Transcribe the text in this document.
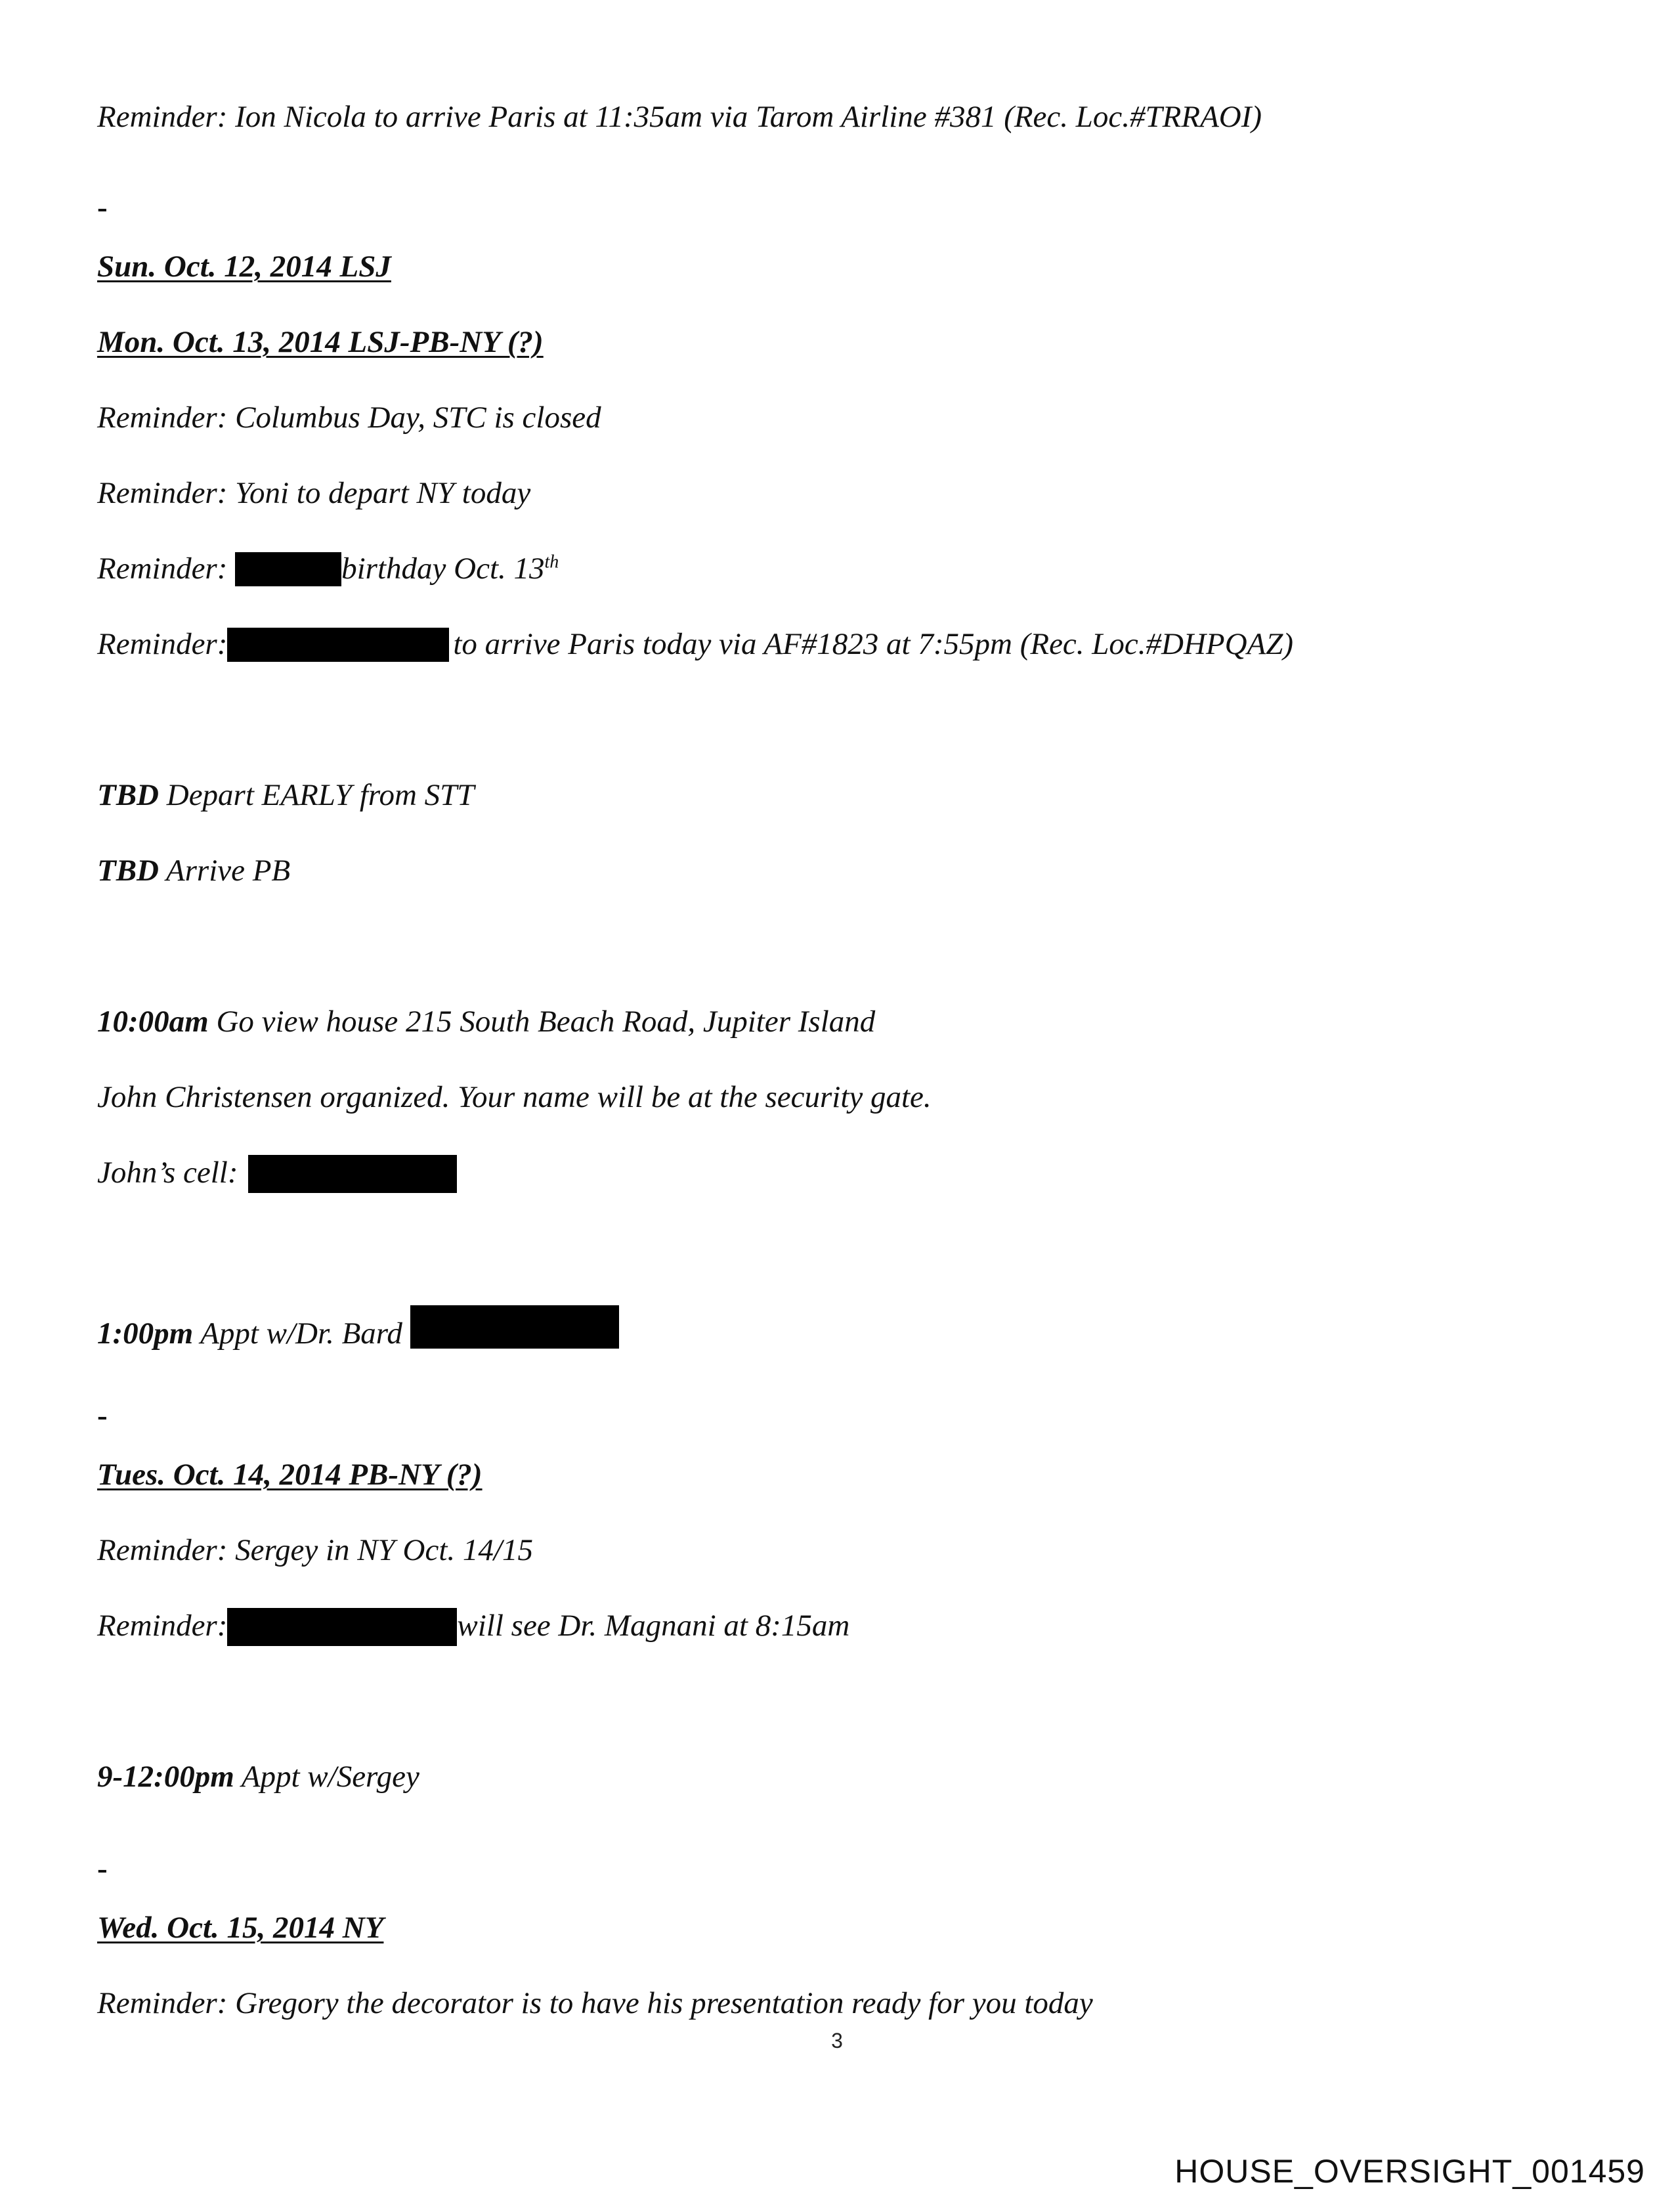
Reminder: Ion Nicola to arrive Paris at 11:35am via Tarom Airline #381 (Rec. Loc.#TRRAOI)
-
Sun. Oct. 12, 2014 LSJ
Mon. Oct. 13, 2014 LSJ-PB-NY (?)
Reminder: Columbus Day, STC is closed
Reminder: Yoni to depart NY today
Reminder:	birthday Oct. 13th
Reminder:	to arrive Paris today via AF#1823 at 7:55pm (Rec. Loc.#DHPQAZ)
TBD Depart EARLY from STT
TBD Arrive PB
10:00am Go view house 215 South Beach Road, Jupiter Island
John Christensen organized. Your name will be at the security gate.
John’s cell:
1:00pm Appt w/Dr. Bard
-
Tues. Oct. 14, 2014 PB-NY (?)
Reminder: Sergey in NY Oct. 14/15
Reminder:	will see Dr. Magnani at 8:15am
9-12:00pm Appt w/Sergey
-
Wed. Oct. 15, 2014 NY
Reminder: Gregory the decorator is to have his presentation ready for you today
3
HOUSE_OVERSIGHT_001459
